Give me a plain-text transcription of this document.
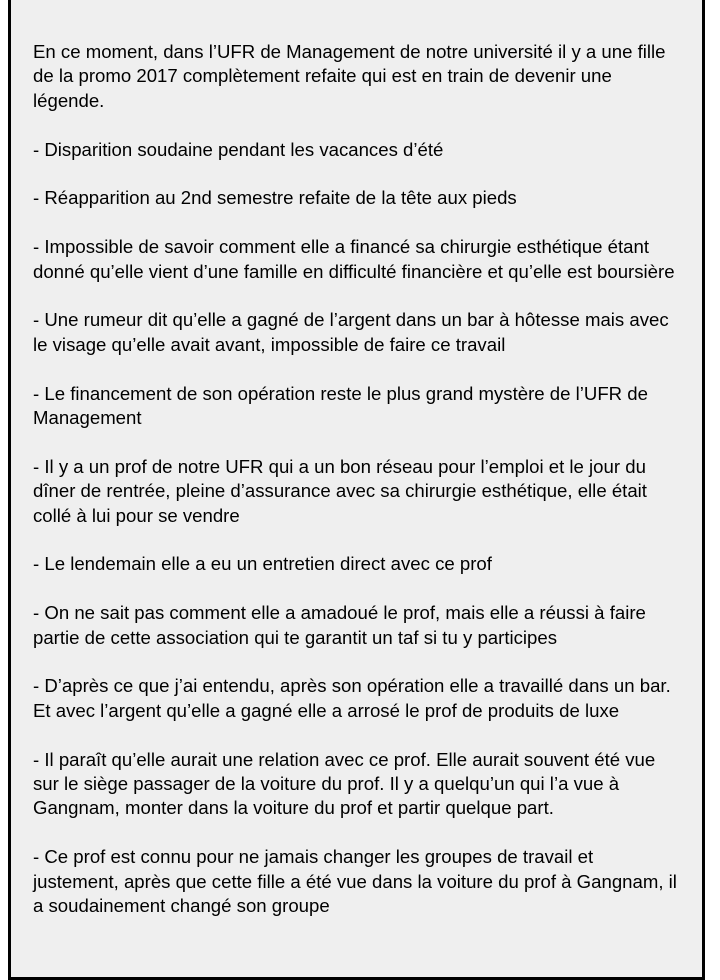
En ce moment, dans l’UFR de Management de notre université il y a une fille de la promo 2017 complètement refaite qui est en train de devenir une légende.

- Disparition soudaine pendant les vacances d’été

- Réapparition au 2nd semestre refaite de la tête aux pieds

- Impossible de savoir comment elle a financé sa chirurgie esthétique étant donné qu’elle vient d’une famille en difficulté financière et qu’elle est boursière

- Une rumeur dit qu’elle a gagné de l’argent dans un bar à hôtesse mais avec le visage qu’elle avait avant, impossible de faire ce travail

- Le financement de son opération reste le plus grand mystère de l’UFR de Management

- Il y a un prof de notre UFR qui a un bon réseau pour l’emploi et le jour du dîner de rentrée, pleine d’assurance avec sa chirurgie esthétique, elle était collé à lui pour se vendre

- Le lendemain elle a eu un entretien direct avec ce prof

- On ne sait pas comment elle a amadoué le prof, mais elle a réussi à faire partie de cette association qui te garantit un taf si tu y participes

- D’après ce que j’ai entendu, après son opération elle a travaillé dans un bar. Et avec l’argent qu’elle a gagné elle a arrosé le prof de produits de luxe

- Il paraît qu’elle aurait une relation avec ce prof. Elle aurait souvent été vue sur le siège passager de la voiture du prof. Il y a quelqu’un qui l’a vue à Gangnam, monter dans la voiture du prof et partir quelque part.

- Ce prof est connu pour ne jamais changer les groupes de travail et justement, après que cette fille a été vue dans la voiture du prof à Gangnam, il a soudainement changé son groupe
